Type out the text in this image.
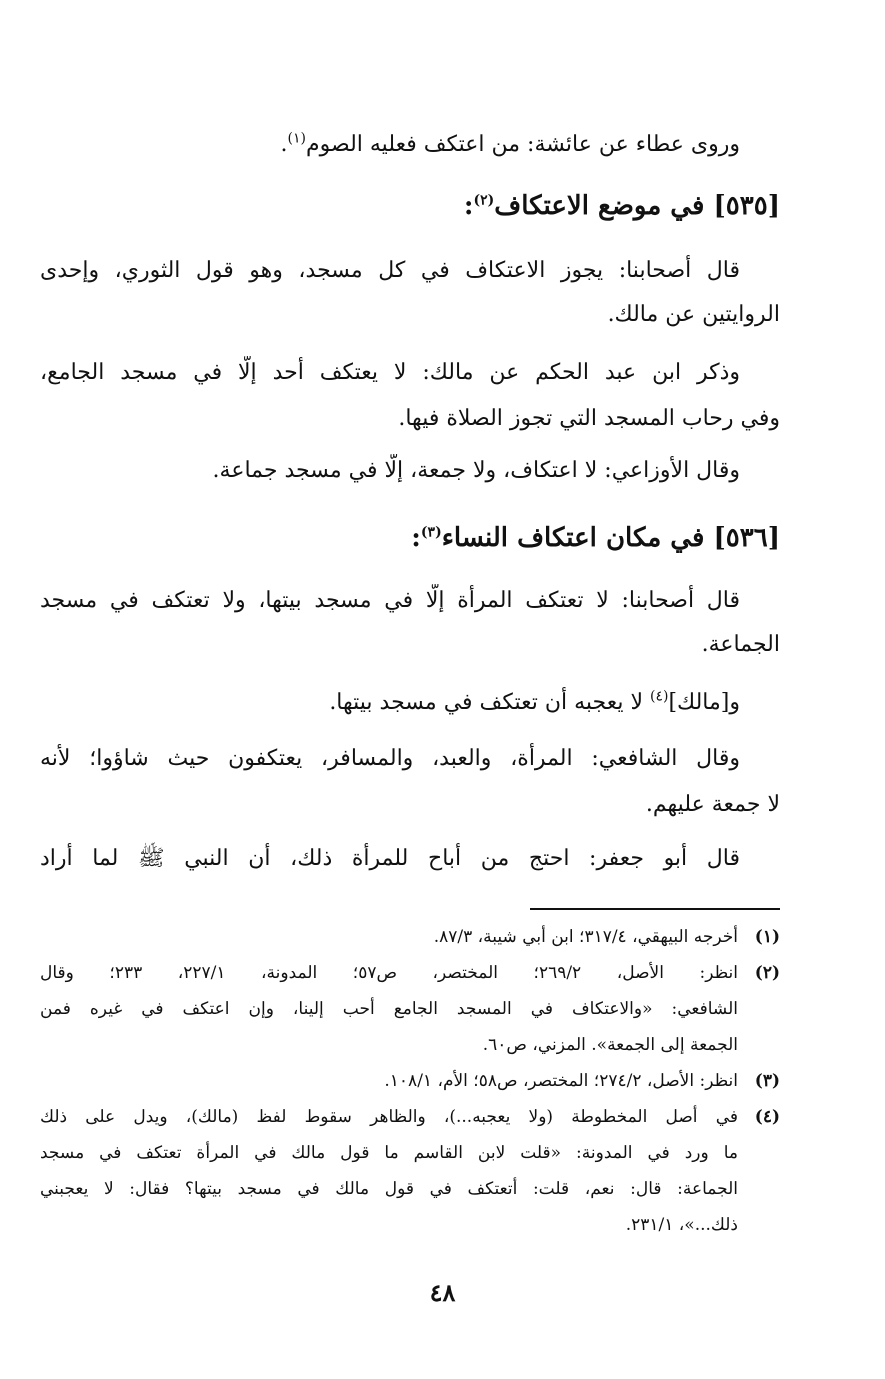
وروى عطاء عن عائشة: من اعتكف فعليه الصوم$^{(١)}$.
[٥٣٥] في موضع الاعتكاف$^{(٢)}$:
قال أصحابنا: يجوز الاعتكاف في كل مسجد، وهو قول الثوري، وإحدى
الروايتين عن مالك.
وذكر ابن عبد الحكم عن مالك: لا يعتكف أحد إلَّا في مسجد الجامع،
وفي رحاب المسجد التي تجوز الصلاة فيها.
وقال الأوزاعي: لا اعتكاف، ولا جمعة، إلَّا في مسجد جماعة.
[٥٣٦] في مكان اعتكاف النساء$^{(٣)}$:
قال أصحابنا: لا تعتكف المرأة إلَّا في مسجد بيتها، ولا تعتكف في مسجد
الجماعة.
و[مالك]$^{(٤)}$ لا يعجبه أن تعتكف في مسجد بيتها.
وقال الشافعي: المرأة، والعبد، والمسافر، يعتكفون حيث شاؤوا؛ لأنه
لا جمعة عليهم.
قال أبو جعفر: احتج من أباح للمرأة ذلك، أن النبي ﷺ لما أراد
(١)أخرجه البيهقي، ٣١٧/٤؛ ابن أبي شيبة، ٨٧/٣.
(٢)انظر: الأصل، ٢٦٩/٢؛ المختصر، ص٥٧؛ المدونة، ٢٢٧/١، ٢٣٣؛ وقال
الشافعي: «والاعتكاف في المسجد الجامع أحب إلينا، وإن اعتكف في غيره فمن
الجمعة إلى الجمعة». المزني، ص٦٠.
(٣)انظر: الأصل، ٢٧٤/٢؛ المختصر، ص٥٨؛ الأم، ١٠٨/١.
(٤)في أصل المخطوطة (ولا يعجبه...)، والظاهر سقوط لفظ (مالك)، ويدل على ذلك
ما ورد في المدونة: «قلت لابن القاسم ما قول مالك في المرأة تعتكف في مسجد
الجماعة: قال: نعم، قلت: أتعتكف في قول مالك في مسجد بيتها؟ فقال: لا يعجبني
ذلك...»، ٢٣١/١.
٤٨
